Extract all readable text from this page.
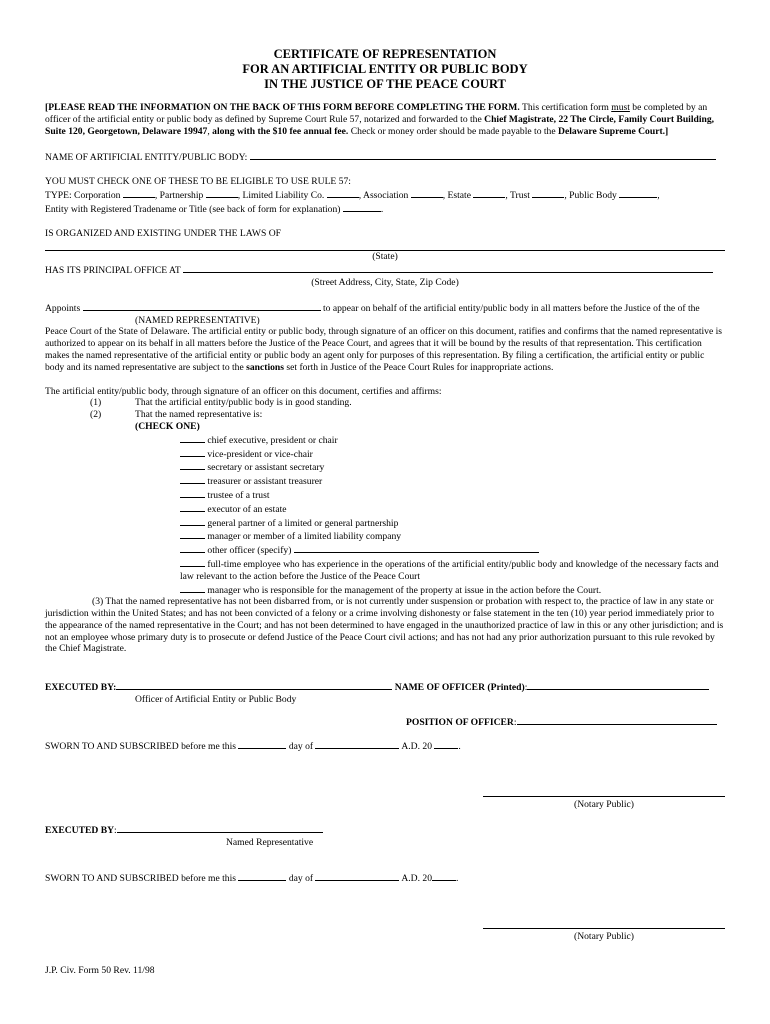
CERTIFICATE OF REPRESENTATION
FOR AN ARTIFICIAL ENTITY OR PUBLIC BODY
IN THE JUSTICE OF THE PEACE COURT

[PLEASE READ THE INFORMATION ON THE BACK OF THIS FORM BEFORE COMPLETING THE FORM. This certification form must be completed by an officer of the artificial entity or public body as defined by Supreme Court Rule 57, notarized and forwarded to the Chief Magistrate, 22 The Circle, Family Court Building, Suite 120, Georgetown, Delaware 19947, along with the $10 fee annual fee. Check or money order should be made payable to the Delaware Supreme Court.]

NAME OF ARTIFICIAL ENTITY/PUBLIC BODY:
YOU MUST CHECK ONE OF THESE TO BE ELIGIBLE TO USE RULE 57:
TYPE: Corporation	, Partnership	, Limited Liability Co.	, Association	, Estate	, Trust	, Public Body	,
Entity with Registered Tradename or Title (see back of form for explanation)	.
IS ORGANIZED AND EXISTING UNDER THE LAWS OF
(State)
HAS ITS PRINCIPAL OFFICE AT
(Street Address, City, State, Zip Code)
Appoints	to appear on behalf of the artificial entity/public body in all matters before the Justice of the of the
(NAMED REPRESENTATIVE)

Peace Court of the State of Delaware. The artificial entity or public body, through signature of an officer on this document, ratifies and confirms that the named representative is authorized to appear on its behalf in all matters before the Justice of the Peace Court, and agrees that it will be bound by the results of that representation. This certification makes the named representative of the artificial entity or public body an agent only for purposes of this representation. By filing a certification, the artificial entity or public body and its named representative are subject to the sanctions set forth in Justice of the Peace Court Rules for inappropriate actions.

The artificial entity/public body, through signature of an officer on this document, certifies and affirms:
(1)	That the artificial entity/public body is in good standing.
(2)	That the named representative is:
(CHECK ONE)
chief executive, president or chair
vice-president or vice-chair
secretary or assistant secretary
treasurer or assistant treasurer
trustee of a trust
executor of an estate
general partner of a limited or general partnership
manager or member of a limited liability company
other officer (specify)
full-time employee who has experience in the operations of the artificial entity/public body and knowledge of the necessary facts and law relevant to the action before the Justice of the Peace Court
manager who is responsible for the management of the property at issue in the action before the Court.

(3) That the named representative has not been disbarred from, or is not currently under suspension or probation with respect to, the practice of law in any state or jurisdiction within the United States; and has not been convicted of a felony or a crime involving dishonesty or false statement in the ten (10) year period immediately prior to the appearance of the named representative in the Court; and has not been determined to have engaged in the unauthorized practice of law in this or any other jurisdiction; and is not an employee whose primary duty is to prosecute or defend Justice of the Peace Court civil actions; and has not had any prior authorization pursuant to this rule revoked by the Chief Magistrate.

EXECUTED BY:	NAME OF OFFICER (Printed):
Officer of Artificial Entity or Public Body
POSITION OF OFFICER:
SWORN TO AND SUBSCRIBED before me this	day of	A.D. 20	.
(Notary Public)
EXECUTED BY:
Named Representative
SWORN TO AND SUBSCRIBED before me this	day of	A.D. 20	.
(Notary Public)
J.P. Civ. Form 50 Rev. 11/98
